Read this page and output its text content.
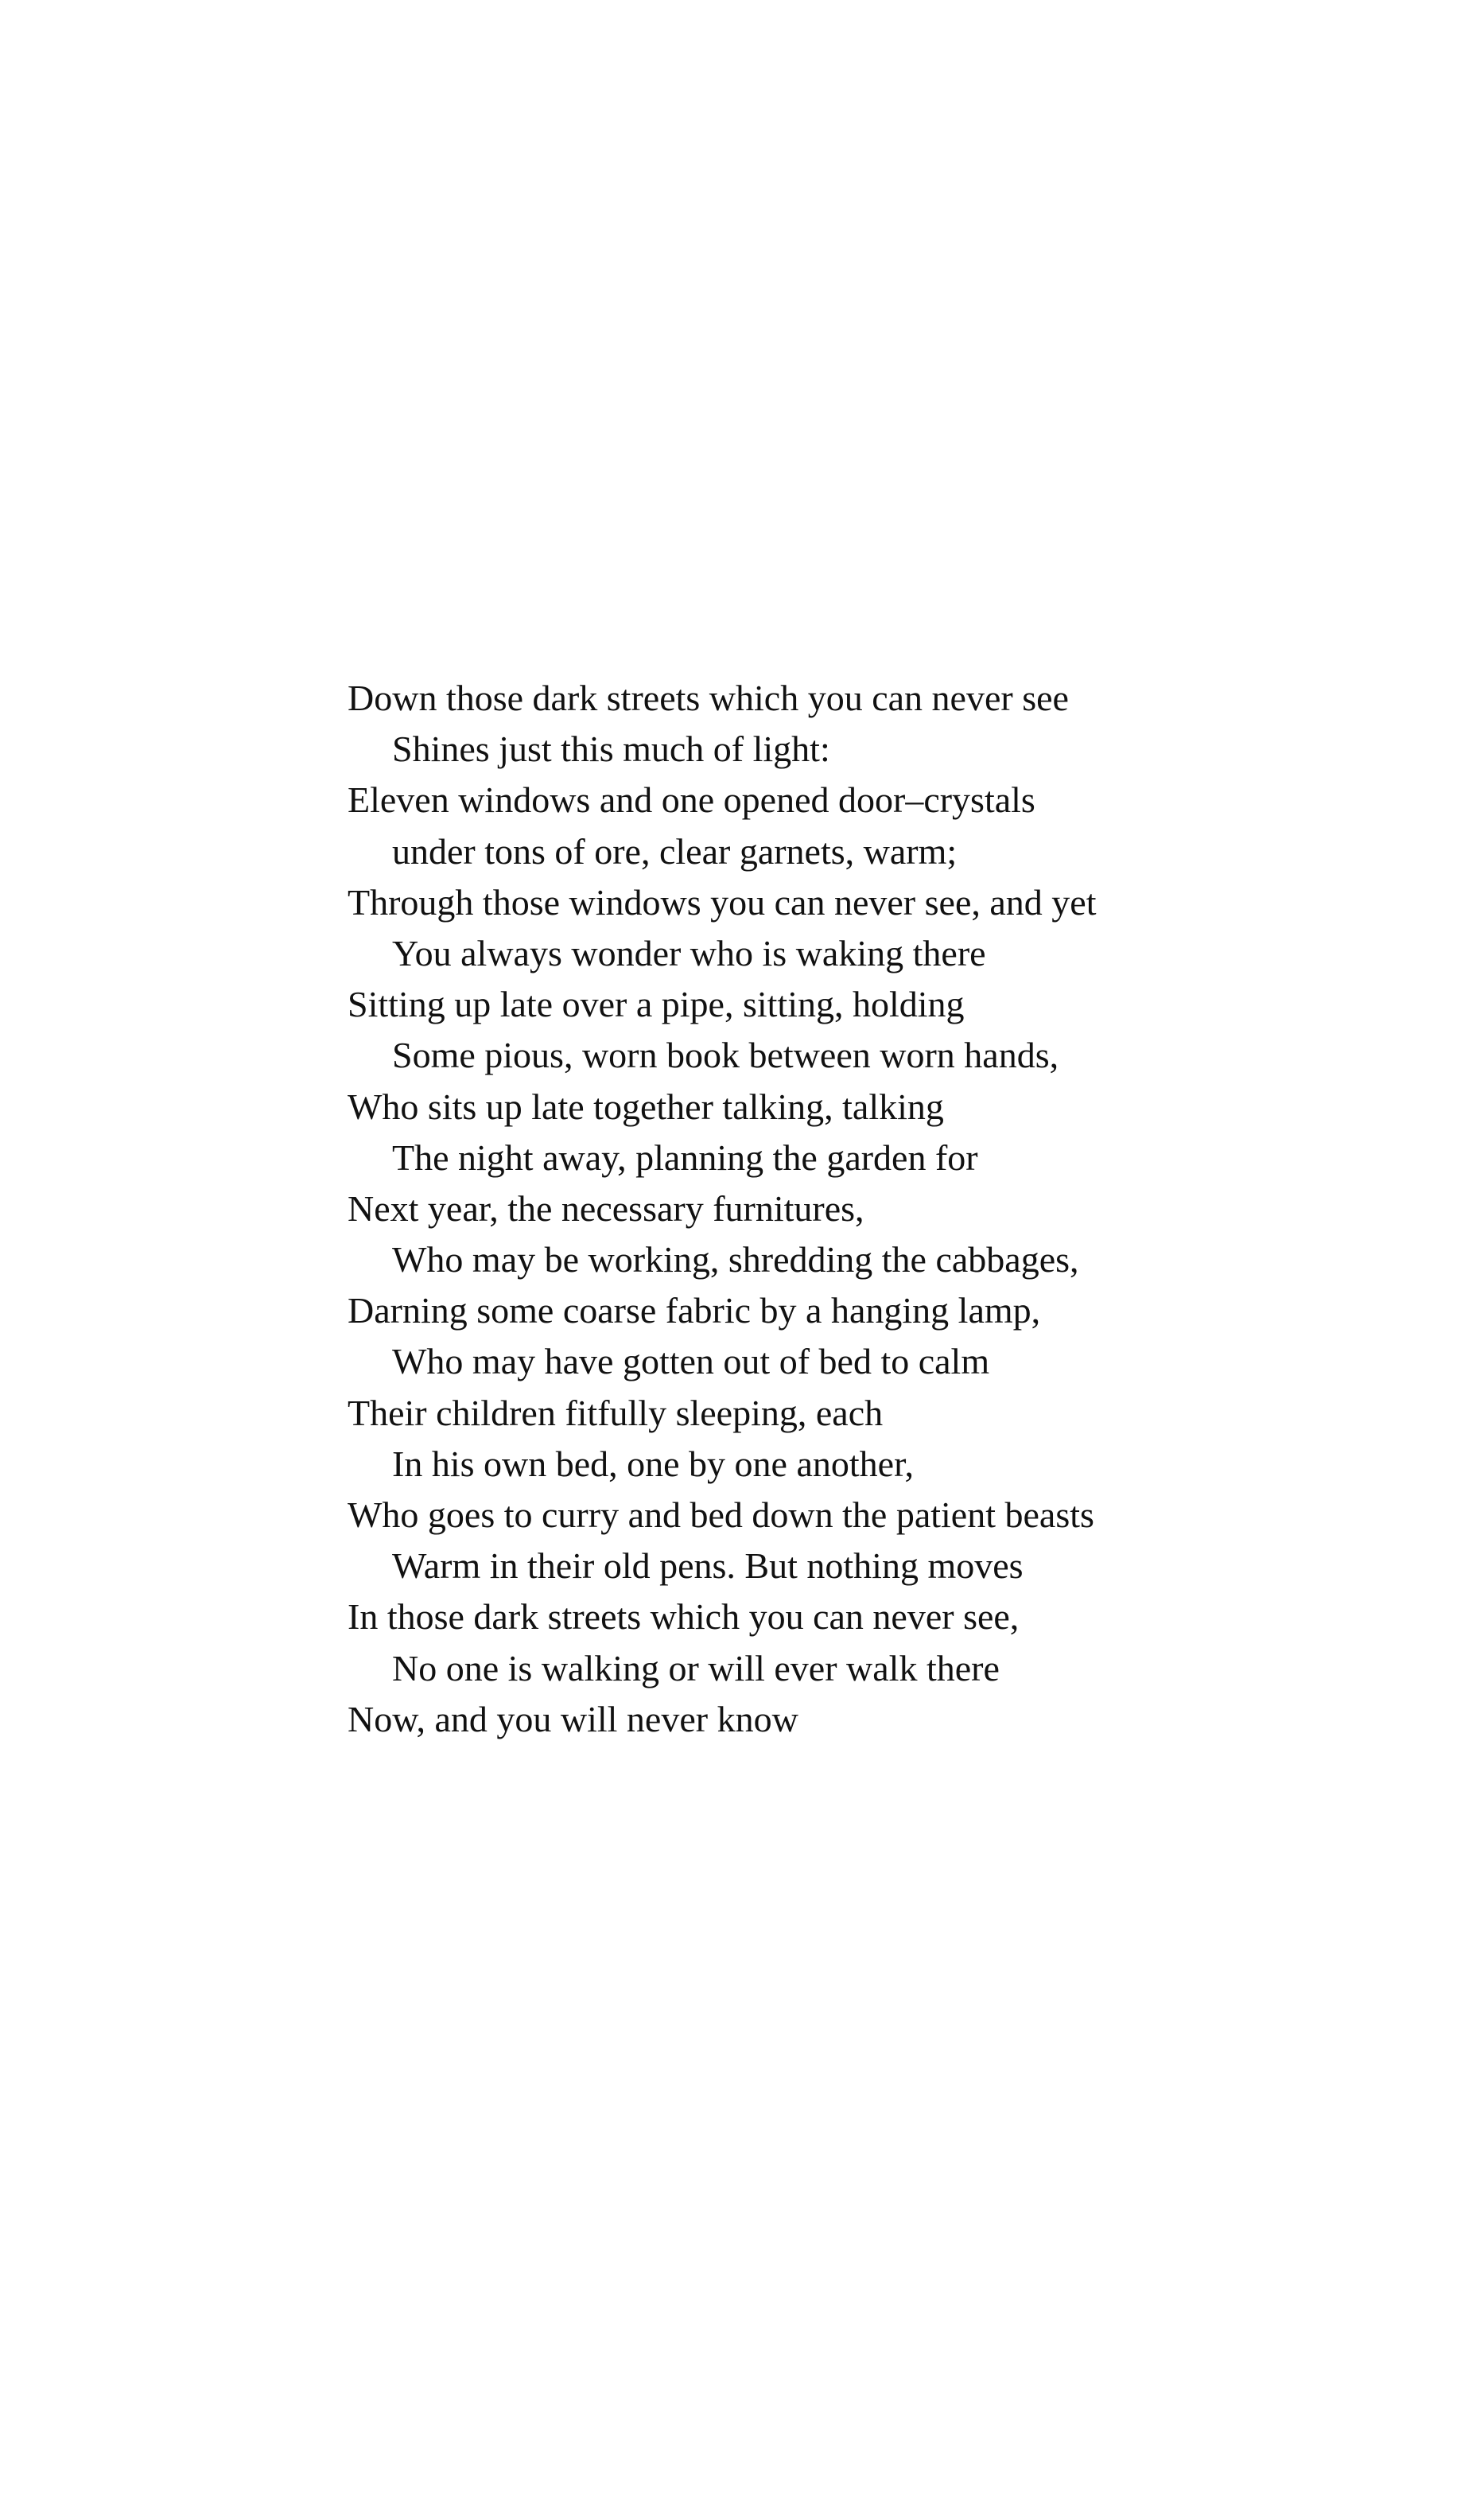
Down those dark streets which you can never see
Shines just this much of light:
Eleven windows and one opened door–crystals
under tons of ore, clear garnets, warm;
Through those windows you can never see, and yet
You always wonder who is waking there
Sitting up late over a pipe, sitting, holding
Some pious, worn book between worn hands,
Who sits up late together talking, talking
The night away, planning the garden for
Next year, the necessary furnitures,
Who may be working, shredding the cabbages,
Darning some coarse fabric by a hanging lamp,
Who may have gotten out of bed to calm
Their children fitfully sleeping, each
In his own bed, one by one another,
Who goes to curry and bed down the patient beasts
Warm in their old pens. But nothing moves
In those dark streets which you can never see,
No one is walking or will ever walk there
Now, and you will never know
